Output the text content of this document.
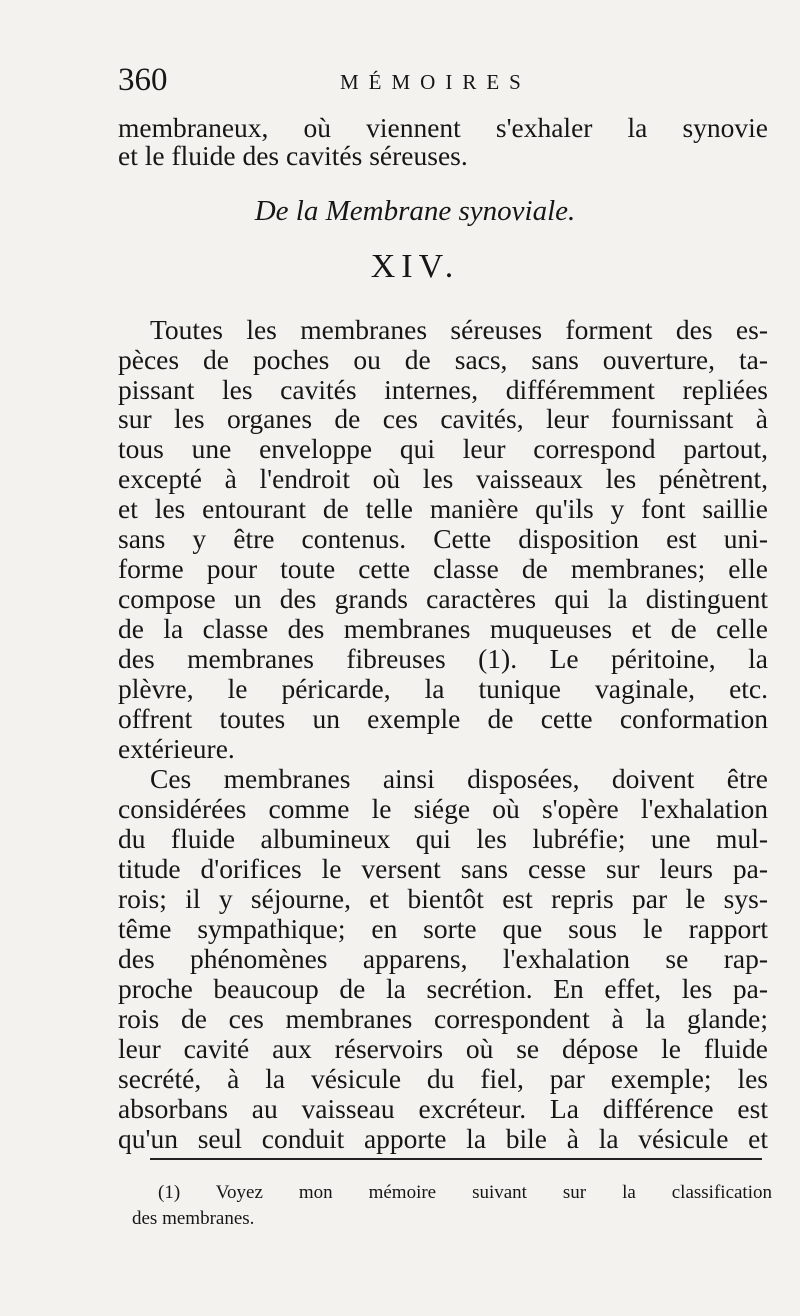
360	MÉMOIRES
membraneux, où viennent s'exhaler la synovie
et le fluide des cavités séreuses.
De la Membrane synoviale.
XIV.
Toutes les membranes séreuses forment des es-
pèces de poches ou de sacs, sans ouverture, ta-
pissant les cavités internes, différemment repliées
sur les organes de ces cavités, leur fournissant à
tous une enveloppe qui leur correspond partout,
excepté à l'endroit où les vaisseaux les pénètrent,
et les entourant de telle manière qu'ils y font saillie
sans y être contenus. Cette disposition est uni-
forme pour toute cette classe de membranes; elle
compose un des grands caractères qui la distinguent
de la classe des membranes muqueuses et de celle
des membranes fibreuses (1). Le péritoine, la
plèvre, le péricarde, la tunique vaginale, etc.
offrent toutes un exemple de cette conformation
extérieure.
Ces membranes ainsi disposées, doivent être
considérées comme le siége où s'opère l'exhalation
du fluide albumineux qui les lubréfie; une mul-
titude d'orifices le versent sans cesse sur leurs pa-
rois; il y séjourne, et bientôt est repris par le sys-
tême sympathique; en sorte que sous le rapport
des phénomènes apparens, l'exhalation se rap-
proche beaucoup de la secrétion. En effet, les pa-
rois de ces membranes correspondent à la glande;
leur cavité aux réservoirs où se dépose le fluide
secrété, à la vésicule du fiel, par exemple; les
absorbans au vaisseau excréteur. La différence est
qu'un seul conduit apporte la bile à la vésicule et
(1) Voyez mon mémoire suivant sur la classification
des membranes.
